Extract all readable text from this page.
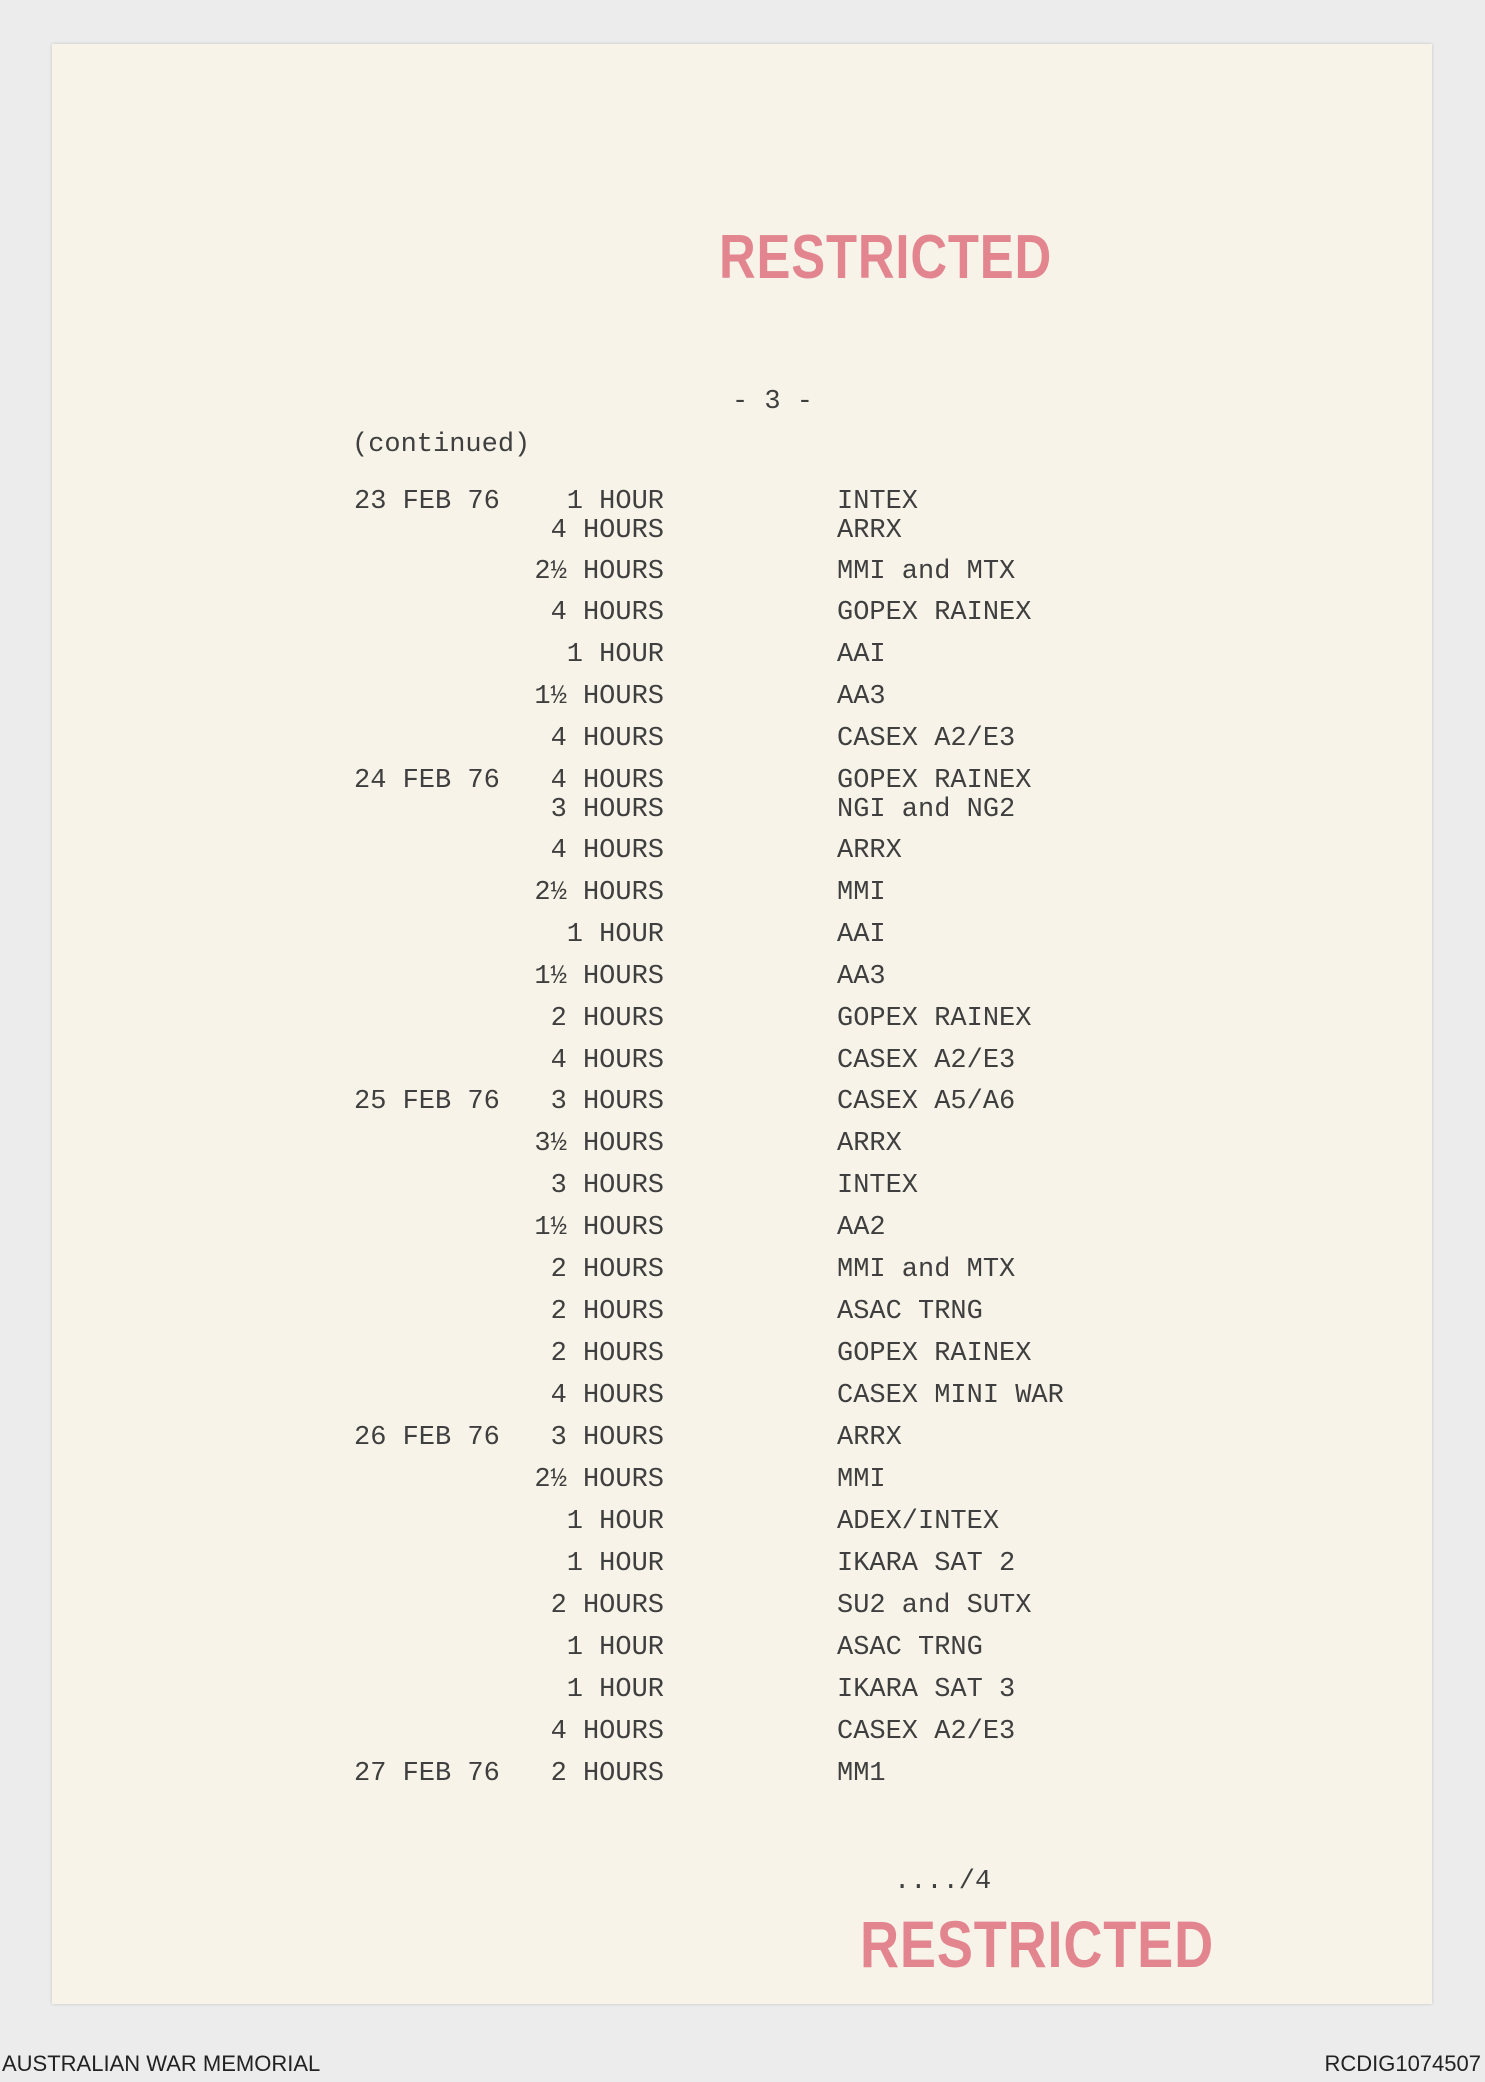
RESTRICTED
- 3 -
(continued)
23 FEB 76 1 HOUR	INTEX
4 HOURS	ARRX
2½ HOURS	MMI and MTX
4 HOURS	GOPEX RAINEX
1 HOUR	AAI
1½ HOURS	AA3
4 HOURS	CASEX A2/E3
24 FEB 76 4 HOURS	GOPEX RAINEX
3 HOURS	NGI and NG2
4 HOURS	ARRX
2½ HOURS	MMI
1 HOUR	AAI
1½ HOURS	AA3
2 HOURS	GOPEX RAINEX
4 HOURS	CASEX A2/E3
25 FEB 76 3 HOURS	CASEX A5/A6
3½ HOURS	ARRX
3 HOURS	INTEX
1½ HOURS	AA2
2 HOURS	MMI and MTX
2 HOURS	ASAC TRNG
2 HOURS	GOPEX RAINEX
4 HOURS	CASEX MINI WAR
26 FEB 76 3 HOURS	ARRX
2½ HOURS	MMI
1 HOUR	ADEX/INTEX
1 HOUR	IKARA SAT 2
2 HOURS	SU2 and SUTX
1 HOUR	ASAC TRNG
1 HOUR	IKARA SAT 3
4 HOURS	CASEX A2/E3
27 FEB 76 2 HOURS	MM1
..../4
RESTRICTED
AUSTRALIAN WAR MEMORIAL	RCDIG1074507
